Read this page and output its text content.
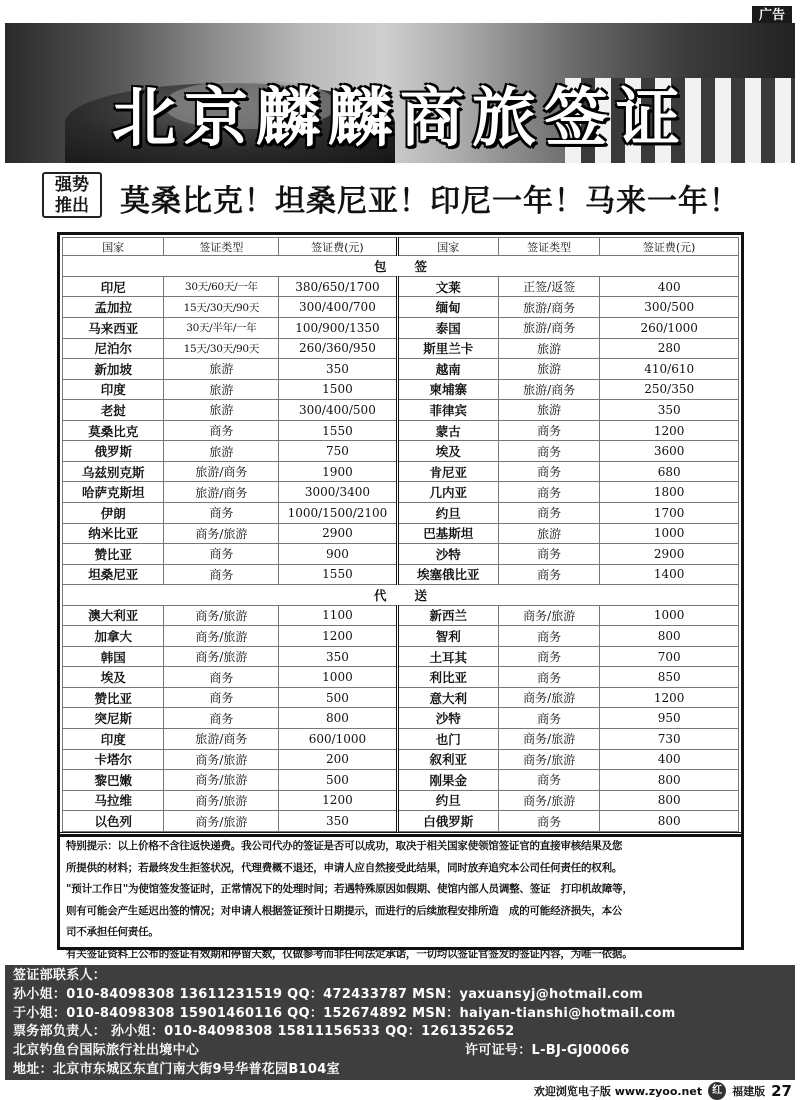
广告
北京麟麟商旅签证
强势
推出	莫桑比克！坦桑尼亚！印尼一年！马来一年！
国家	签证类型	签证费(元)	国家	签证类型	签证费(元)
包签					
印尼	30天/60天/一年	380/650/1700	文莱	正签/返签	400
孟加拉	15天/30天/90天	300/400/700	缅甸	旅游/商务	300/500
马来西亚	30天/半年/一年	100/900/1350	泰国	旅游/商务	260/1000
尼泊尔	15天/30天/90天	260/360/950	斯里兰卡	旅游	280
新加坡	旅游	350	越南	旅游	410/610
印度	旅游	1500	柬埔寨	旅游/商务	250/350
老挝	旅游	300/400/500	菲律宾	旅游	350
莫桑比克	商务	1550	蒙古	商务	1200
俄罗斯	旅游	750	埃及	商务	3600
乌兹别克斯	旅游/商务	1900	肯尼亚	商务	680
哈萨克斯坦	旅游/商务	3000/3400	几内亚	商务	1800
伊朗	商务	1000/1500/2100	约旦	商务	1700
纳米比亚	商务/旅游	2900	巴基斯坦	旅游	1000
赞比亚	商务	900	沙特	商务	2900
坦桑尼亚	商务	1550	埃塞俄比亚	商务	1400
代送					
澳大利亚	商务/旅游	1100	新西兰	商务/旅游	1000
加拿大	商务/旅游	1200	智利	商务	800
韩国	商务/旅游	350	土耳其	商务	700
埃及	商务	1000	利比亚	商务	850
赞比亚	商务	500	意大利	商务/旅游	1200
突尼斯	商务	800	沙特	商务	950
印度	旅游/商务	600/1000	也门	商务/旅游	730
卡塔尔	商务/旅游	200	叙利亚	商务/旅游	400
黎巴嫩	商务/旅游	500	刚果金	商务	800
马拉维	商务/旅游	1200	约旦	商务/旅游	800
以色列	商务/旅游	350	白俄罗斯	商务	800

特别提示：以上价格不含往返快递费。我公司代办的签证是否可以成功，取决于相关国家使领馆签证官的直接审核结果及您

所提供的材料；若最终发生拒签状况，代理费概不退还，申请人应自然接受此结果，同时放弃追究本公司任何责任的权利。

"预计工作日"为使馆签发签证时，正常情况下的处理时间；若遇特殊原因如假期、使馆内部人员调整、签证　打印机故障等，

则有可能会产生延迟出签的情况；对申请人根据签证预计日期提示，而进行的后续旅程安排所造　成的可能经济损失，本公

司不承担任何责任。

有关签证资料上公布的签证有效期和停留天数，仅做参考而非任何法定承诺，一切均以签证官签发的签证内容，为唯一依据。

签证部联系人：

孙小姐：010-84098308 13611231519 QQ：472433787 MSN：yaxuansyj@hotmail.com

于小姐：010-84098308 15901460116 QQ：152674892 MSN：haiyan-tianshi@hotmail.com

票务部负责人： 孙小姐：010-84098308 15811156533 QQ：1261352652

北京钓鱼台国际旅行社出境中心	许可证号：L-BJ-GJ00066

地址：北京市东城区东直门南大街9号华普花园B104室

欢迎浏览电子版 www.zyoo.net	红 福建版 27
